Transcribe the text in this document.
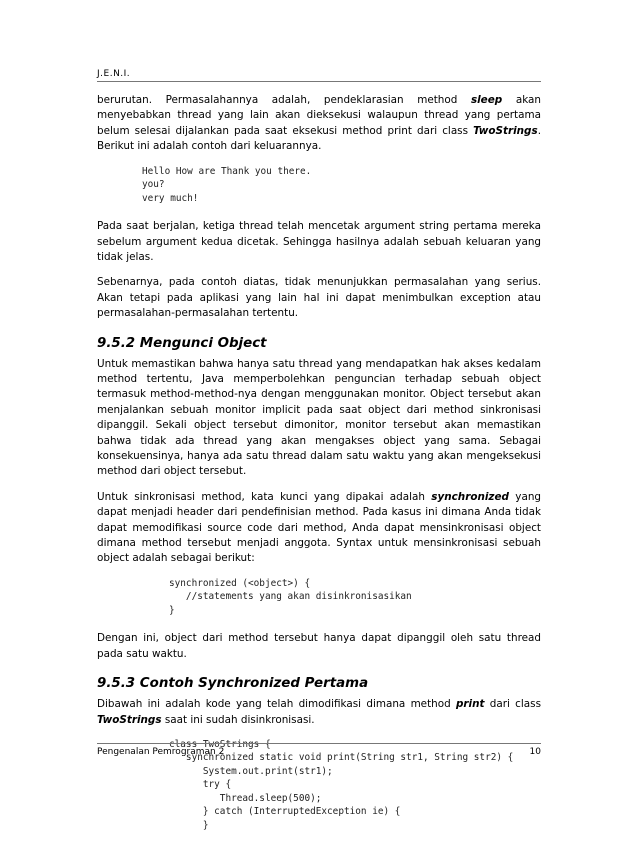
J.E.N.I.

berurutan. Permasalahannya adalah, pendeklarasian method sleep akan menyebabkan thread yang lain akan dieksekusi walaupun thread yang pertama belum selesai dijalankan pada saat eksekusi method print dari class TwoStrings. Berikut ini adalah contoh dari keluarannya.

Hello How are Thank you there.
you?
very much!

Pada saat berjalan, ketiga thread telah mencetak argument string pertama mereka sebelum argument kedua dicetak. Sehingga hasilnya adalah sebuah keluaran yang tidak jelas.

Sebenarnya, pada contoh diatas, tidak menunjukkan permasalahan yang serius. Akan tetapi pada aplikasi yang lain hal ini dapat menimbulkan exception atau permasalahan-permasalahan tertentu.

9.5.2 Mengunci Object

Untuk memastikan bahwa hanya satu thread yang mendapatkan hak akses kedalam method tertentu, Java memperbolehkan penguncian terhadap sebuah object termasuk method-method-nya dengan menggunakan monitor. Object tersebut akan menjalankan sebuah monitor implicit pada saat object dari method sinkronisasi dipanggil. Sekali object tersebut dimonitor, monitor tersebut akan memastikan bahwa tidak ada thread yang akan mengakses object yang sama. Sebagai konsekuensinya, hanya ada satu thread dalam satu waktu yang akan mengeksekusi method dari object tersebut.

Untuk sinkronisasi method, kata kunci yang dipakai adalah synchronized yang dapat menjadi header dari pendefinisian method. Pada kasus ini dimana Anda tidak dapat memodifikasi source code dari method, Anda dapat mensinkronisasi object dimana method tersebut menjadi anggota. Syntax untuk mensinkronisasi sebuah object adalah sebagai berikut:

synchronized (<object>) {
//statements yang akan disinkronisasikan
}

Dengan ini, object dari method tersebut hanya dapat dipanggil oleh satu thread pada satu waktu.

9.5.3 Contoh Synchronized Pertama

Dibawah ini adalah kode yang telah dimodifikasi dimana method print dari class TwoStrings saat ini sudah disinkronisasi.

class TwoStrings {
synchronized static void print(String str1, String str2) {
System.out.print(str1);
try {
Thread.sleep(500);
} catch (InterruptedException ie) {
}
Pengenalan Pemrograman 2	10
